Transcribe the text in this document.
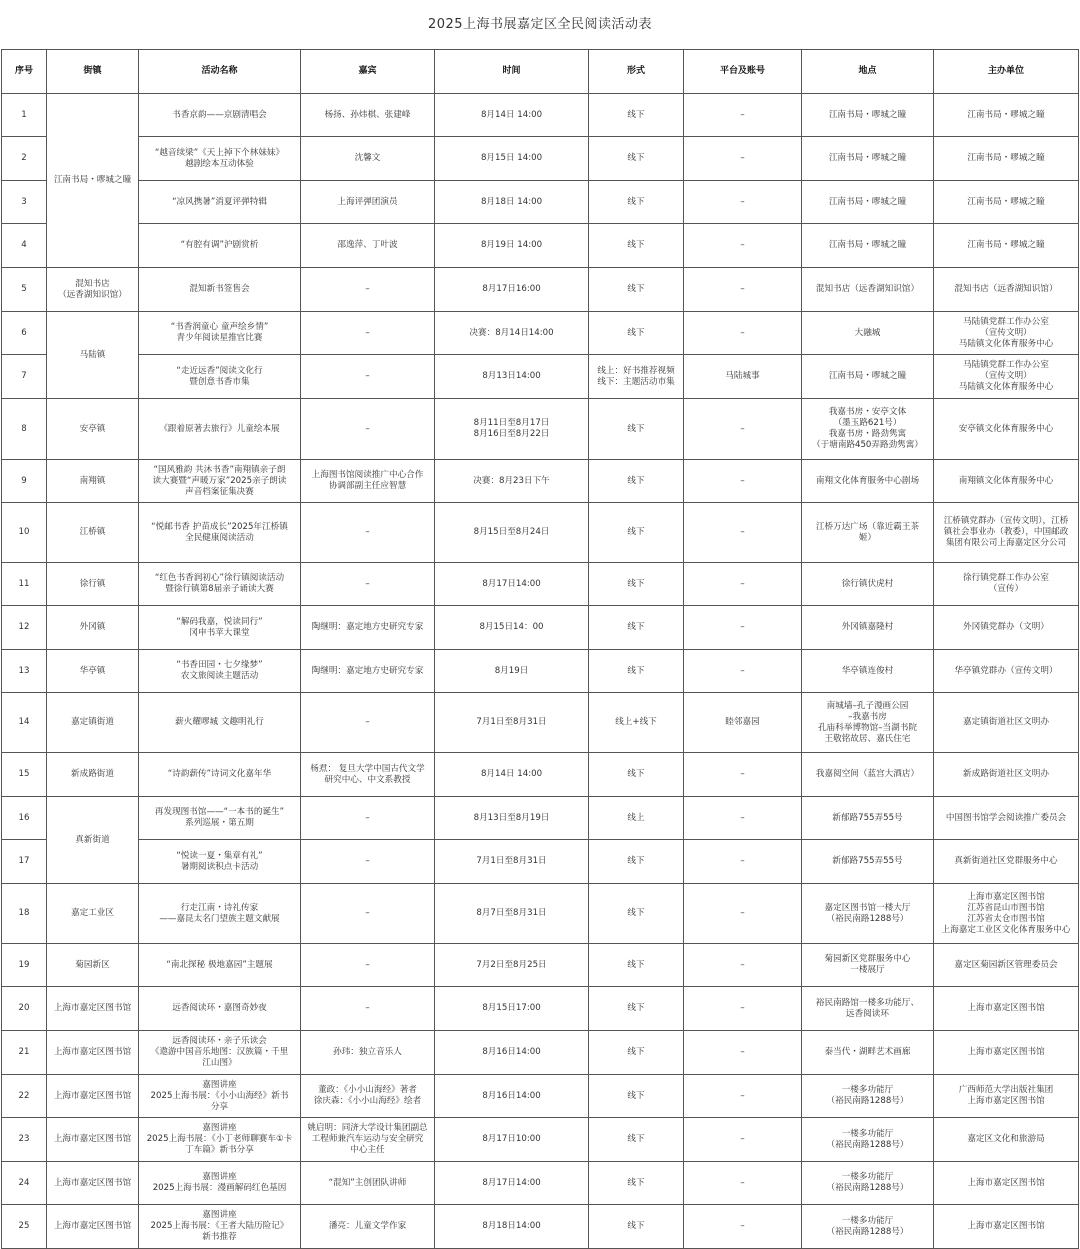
2025上海书展嘉定区全民阅读活动表
序号	街镇	活动名称	嘉宾	时间	形式	平台及账号	地点	主办单位
1	江南书局・嘐城之瞳	书香京韵——京剧清唱会	杨扬、孙炜棋、张建峰	8月14日 14:00	线下	–	江南书局・嘐城之瞳	江南书局・嘐城之瞳

2		“越音续梁”《天上掉下个林妹妹》
越剧绘本互动体验	沈馨文	8月15日 14:00	线下	–	江南书局・嘐城之瞳	江南书局・嘐城之瞳

3		“凉风携暑”消夏评弹特辑	上海评弹团演员	8月18日 14:00	线下	–	江南书局・嘐城之瞳	江南书局・嘐城之瞳

4		“有腔有调”沪剧赏析	邵逸萍、丁叶波	8月19日 14:00	线下	–	江南书局・嘐城之瞳	江南书局・嘐城之瞳

5	混知书店
（远香湖知识馆）	混知新书签售会	–	8月17日16:00	线下	–	混知书店（远香湖知识馆）	混知书店（远香湖知识馆）

6	马陆镇	“书香润童心 童声绘乡情”
青少年阅读星推官比赛	–	决赛：8月14日14:00	线下	–	大融城	马陆镇党群工作办公室
（宣传文明）
马陆镇文化体育服务中心

7		“走近远香”阅读文化行
暨创意书香市集	–	8月13日14:00	线上：好书推荐视频
线下：主题活动市集	马陆城事	江南书局・嘐城之瞳	马陆镇党群工作办公室
（宣传文明）
马陆镇文化体育服务中心

8	安亭镇	《跟着原著去旅行》儿童绘本展	–	8月11日至8月17日
8月16日至8月22日	线下	–	我嘉书房・安亭文体
（墨玉路621号）
我嘉书房・路劲隽寓
（于塘南路450弄路劲隽寓）	安亭镇文化体育服务中心

9	南翔镇	“国风雅韵 共沐书香”南翔镇亲子朗
读大赛暨“声暖万家”2025亲子朗读
声音档案征集决赛	上海图书馆阅读推广中心合作
协调部副主任应智慧	决赛：8月23日下午	线下	–	南翔文化体育服务中心剧场	南翔镇文化体育服务中心

10	江桥镇	“悦邮书香 护苗成长”2025年江桥镇
全民健康阅读活动	–	8月15日至8月24日	线下	–	江桥万达广场（靠近霸王茶
姬）	江桥镇党群办（宣传文明），江桥
镇社会事业办（教委），中国邮政
集团有限公司上海嘉定区分公司

11	徐行镇	“红色书香润初心”徐行镇阅读活动
暨徐行镇第8届亲子诵读大赛	–	8月17日14:00	线下	–	徐行镇伏虎村	徐行镇党群工作办公室
（宣传）

12	外冈镇	“解码我嘉，悦读同行”
冈申书苹大课堂	陶继明：嘉定地方史研究专家	8月15日14：00	线下	–	外冈镇嘉隆村	外冈镇党群办（文明）

13	华亭镇	“书香田园・七夕缘梦”
农文旅阅读主题活动	陶继明：嘉定地方史研究专家	8月19日	线下	–	华亭镇连俊村	华亭镇党群办（宣传文明）

14	嘉定镇街道	薪火耀嘐城 文趣明礼行	–	7月1日至8月31日	线上+线下	睦邻嘉园	南城墙–孔子漫画公园
–我嘉书房
孔庙科举博物馆–当湖书院
王敬铭故居、嘉氏住宅	嘉定镇街道社区文明办

15	新成路街道	“诗韵薪传”诗词文化嘉年华	杨焄： 复旦大学中国古代文学
研究中心、中文系教授	8月14日 14:00	线下	–	我嘉阅空间（蓝宫大酒店）	新成路街道社区文明办

16	真新街道	再发现图书馆——“一本书的诞生”
系列巡展・第五期	–	8月13日至8月19日	线上	–	新郁路755弄55号	中国图书馆学会阅读推广委员会

17		“悦读一夏・集章有礼”
暑期阅读积点卡活动	–	7月1日至8月31日	线下	–	新郁路755弄55号	真新街道社区党群服务中心

18	嘉定工业区	行走江南・诗礼传家
——嘉昆太名门望族主题文献展	–	8月7日至8月31日	线下	–	嘉定区图书馆一楼大厅
（裕民南路1288号）	上海市嘉定区图书馆
江苏省昆山市图书馆
江苏省太仓市图书馆
上海嘉定工业区文化体育服务中心

19	菊园新区	“南北探秘 极地嘉园”主题展	–	7月2日至8月25日	线下	–	菊园新区党群服务中心
一楼展厅	嘉定区菊园新区管理委员会

20	上海市嘉定区图书馆	远香阅读环・嘉图奇妙夜	–	8月15日17:00	线下	–	裕民南路馆一楼多功能厅、
远香阅读环	上海市嘉定区图书馆

21	上海市嘉定区图书馆	远香阅读环・亲子乐读会
《遨游中国音乐地图：汉族篇・千里
江山图》	孙玮：独立音乐人	8月16日14:00	线下	–	泰当代・湖畔艺术画廊	上海市嘉定区图书馆

22	上海市嘉定区图书馆	嘉图讲座
2025上海书展：《小小山海经》新书
分享	董政：《小小山海经》著者
徐庆森：《小小山海经》绘者	8月16日14:00	线下	–	一楼多功能厅
（裕民南路1288号）	广西师范大学出版社集团
上海市嘉定区图书馆

23	上海市嘉定区图书馆	嘉图讲座
2025上海书展：《小丁老师聊赛车①卡
丁车篇》新书分享	姚启明：同济大学设计集团副总
工程师兼汽车运动与安全研究
中心主任	8月17日10:00	线下	–	一楼多功能厅
（裕民南路1288号）	嘉定区文化和旅游局

24	上海市嘉定区图书馆	嘉图讲座
2025上海书展：漫画解码红色基因	“混知”主创团队讲师	8月17日14:00	线下	–	一楼多功能厅
（裕民南路1288号）	上海市嘉定区图书馆

25	上海市嘉定区图书馆	嘉图讲座
2025上海书展：《王者大陆历险记》
新书推荐	潘亮：儿童文学作家	8月18日14:00	线下	–	一楼多功能厅
（裕民南路1288号）	上海市嘉定区图书馆
